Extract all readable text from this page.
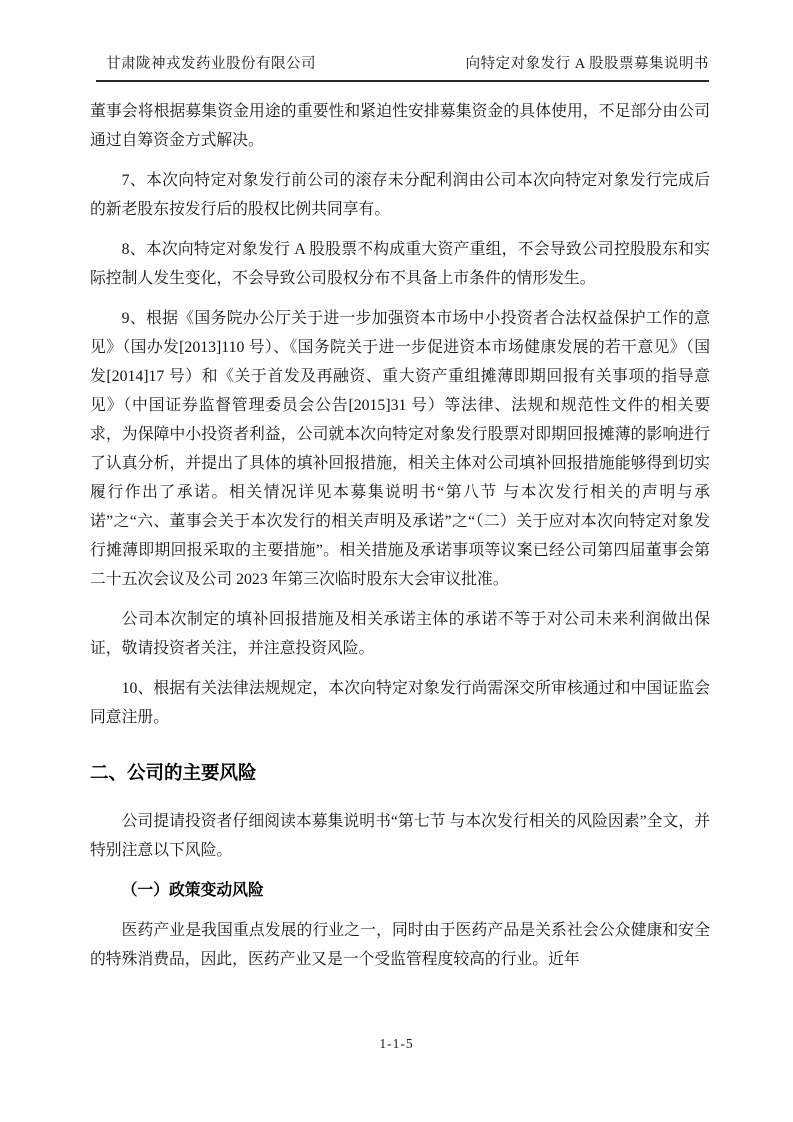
甘肃陇神戎发药业股份有限公司	向特定对象发行 A 股股票募集说明书

董事会将根据募集资金用途的重要性和紧迫性安排募集资金的具体使用，不足部分由公司通过自筹资金方式解决。

7、本次向特定对象发行前公司的滚存未分配利润由公司本次向特定对象发行完成后的新老股东按发行后的股权比例共同享有。

8、本次向特定对象发行 A 股股票不构成重大资产重组，不会导致公司控股股东和实际控制人发生变化，不会导致公司股权分布不具备上市条件的情形发生。

9、根据《国务院办公厅关于进一步加强资本市场中小投资者合法权益保护工作的意见》（国办发[2013]110 号）、《国务院关于进一步促进资本市场健康发展的若干意见》（国发[2014]17 号）和《关于首发及再融资、重大资产重组摊薄即期回报有关事项的指导意见》（中国证券监督管理委员会公告[2015]31 号）等法律、法规和规范性文件的相关要求，为保障中小投资者利益，公司就本次向特定对象发行股票对即期回报摊薄的影响进行了认真分析，并提出了具体的填补回报措施，相关主体对公司填补回报措施能够得到切实履行作出了承诺。相关情况详见本募集说明书“第八节 与本次发行相关的声明与承诺”之“六、董事会关于本次发行的相关声明及承诺”之“（二）关于应对本次向特定对象发行摊薄即期回报采取的主要措施”。相关措施及承诺事项等议案已经公司第四届董事会第二十五次会议及公司 2023 年第三次临时股东大会审议批准。

公司本次制定的填补回报措施及相关承诺主体的承诺不等于对公司未来利润做出保证，敬请投资者关注，并注意投资风险。

10、根据有关法律法规规定，本次向特定对象发行尚需深交所审核通过和中国证监会同意注册。

二、公司的主要风险

公司提请投资者仔细阅读本募集说明书“第七节 与本次发行相关的风险因素”全文，并特别注意以下风险。

（一）政策变动风险

医药产业是我国重点发展的行业之一，同时由于医药产品是关系社会公众健康和安全的特殊消费品，因此，医药产业又是一个受监管程度较高的行业。近年

1-1-5
